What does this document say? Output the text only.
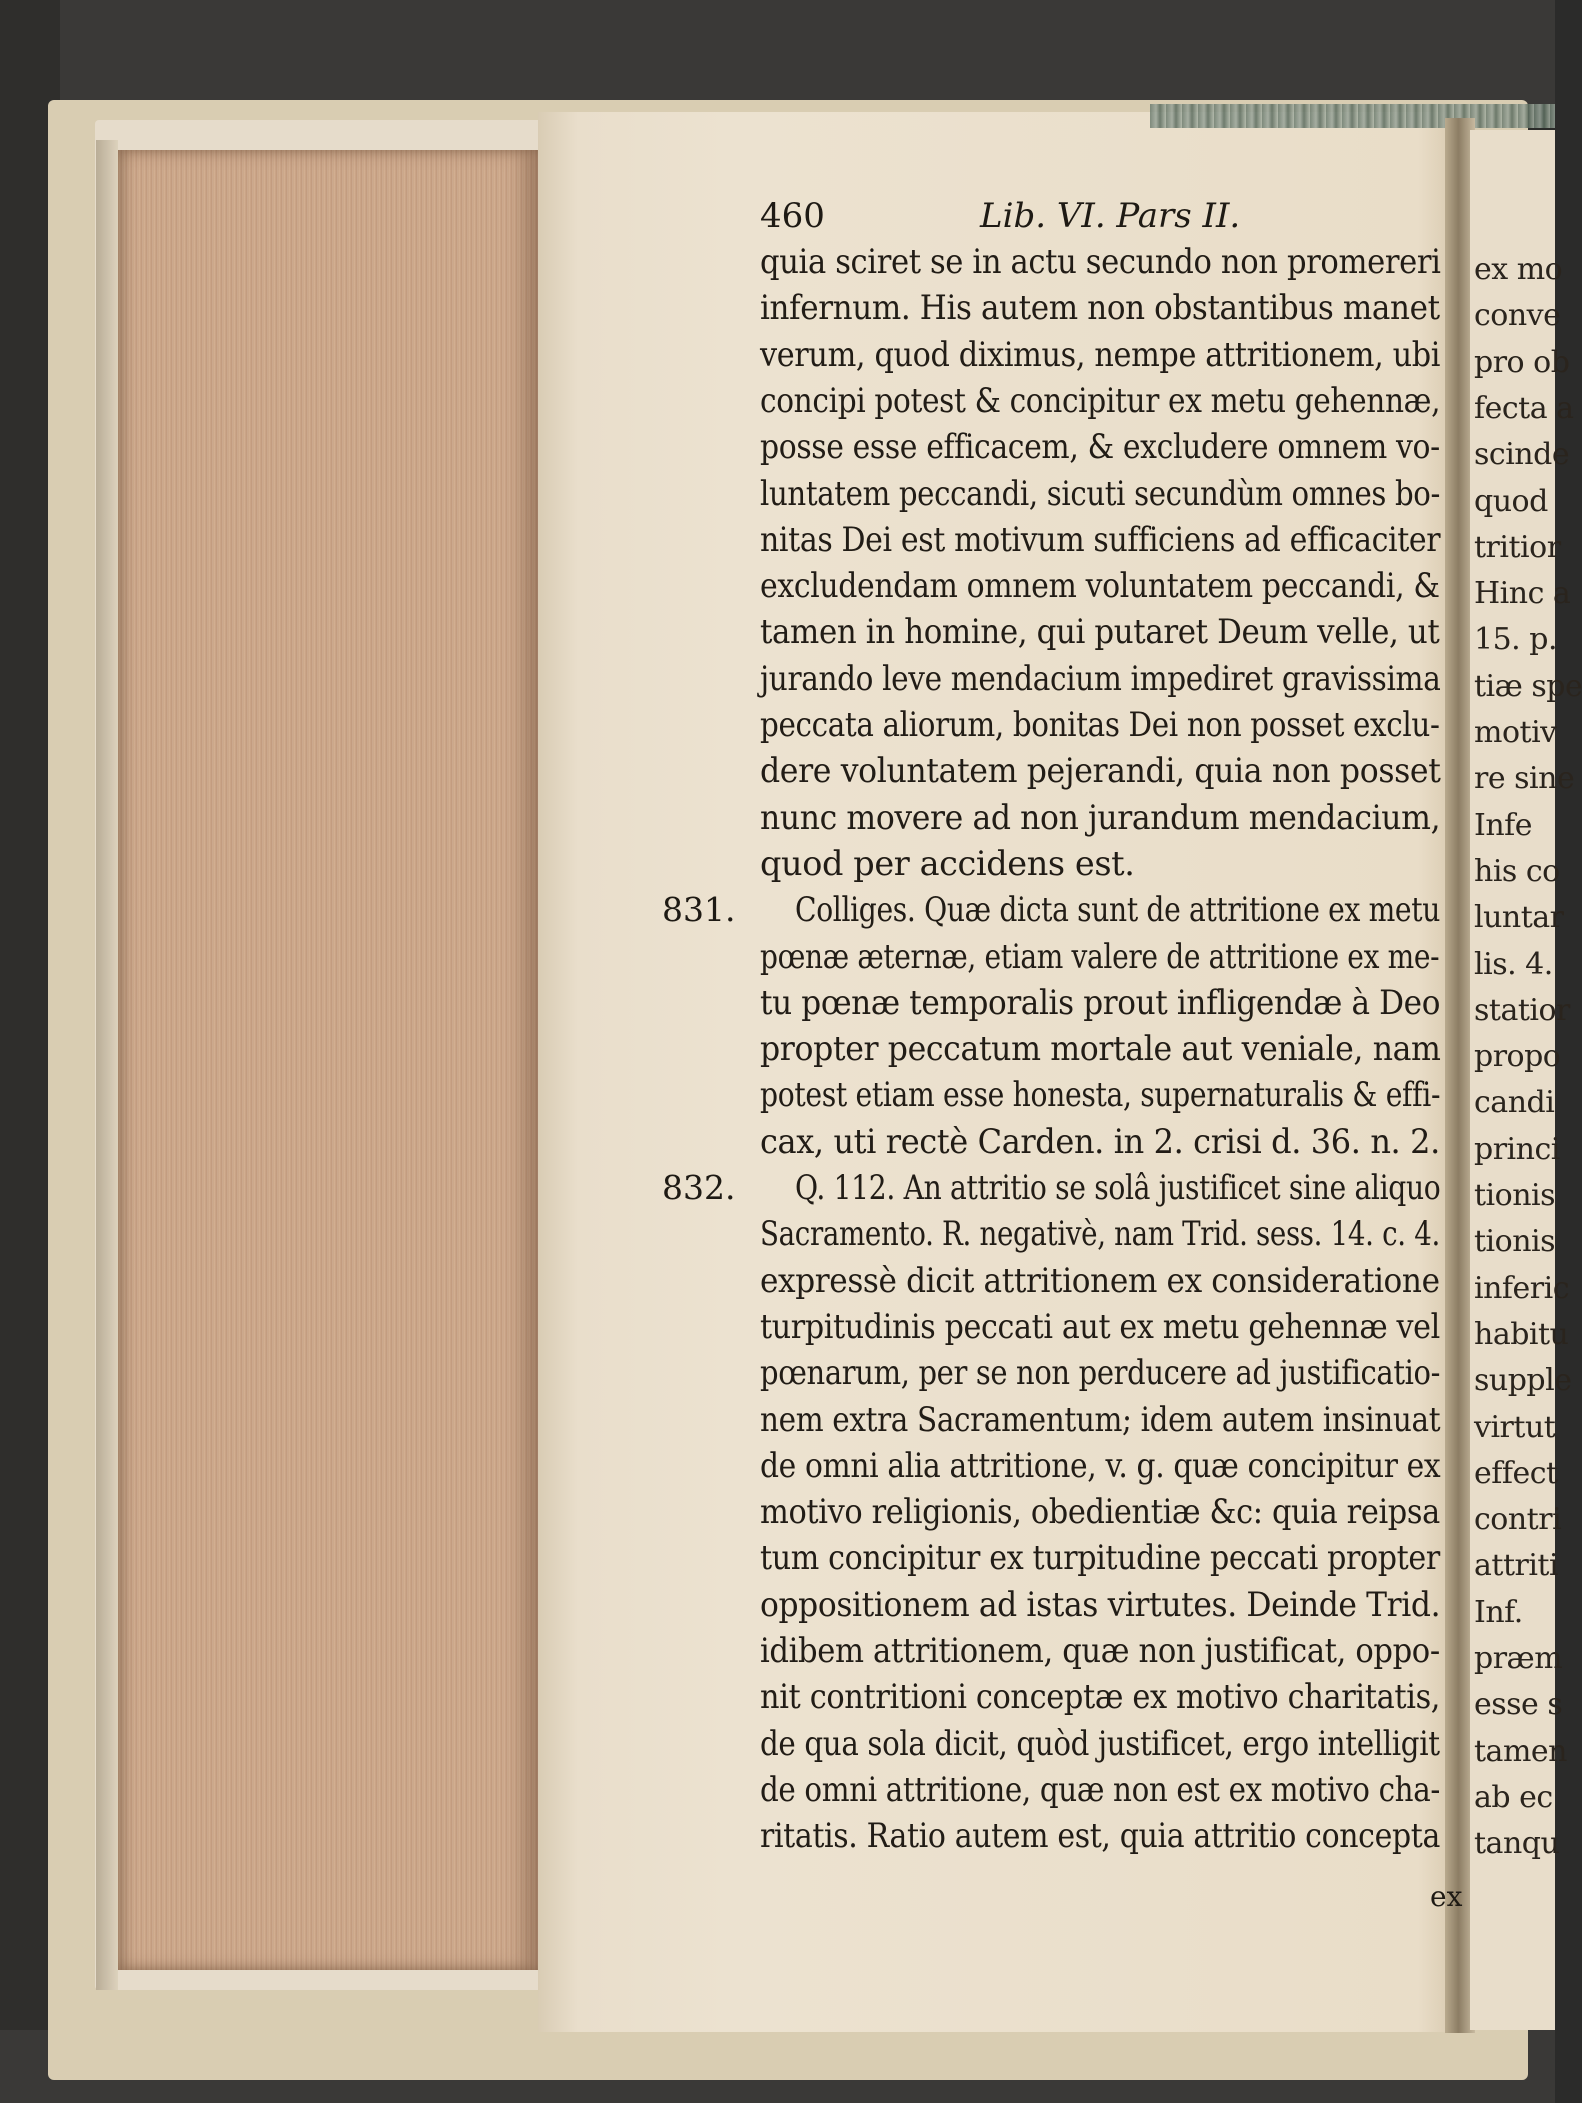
ex mo
conve
pro ob
fecta a
scinde
quod
tritior
Hinc a
15. p.
tiæ spe
motiv
re sine
Infe
his co
luntar
lis. 4.
statior
propo
candi
princi
tionis
tionis
inferic
habitu
supple
virtut
effect
contri
attriti
Inf.
præm
esse s
tamen
ab ec
tanqu
460	Lib. VI. Pars II.
quia sciret se in actu secundo non promereri
infernum. His autem non obstantibus manet
verum, quod diximus, nempe attritionem, ubi
concipi potest & concipitur ex metu gehennæ,
posse esse efficacem, & excludere omnem vo-
luntatem peccandi, sicuti secundùm omnes bo-
nitas Dei est motivum sufficiens ad efficaciter
excludendam omnem voluntatem peccandi, &
tamen in homine, qui putaret Deum velle, ut
jurando leve mendacium impediret gravissima
peccata aliorum, bonitas Dei non posset exclu-
dere voluntatem pejerandi, quia non posset
nunc movere ad non jurandum mendacium,
quod per accidens est.
Colliges. Quæ dicta sunt de attritione ex metu
pœnæ æternæ, etiam valere de attritione ex me-
tu pœnæ temporalis prout infligendæ à Deo
propter peccatum mortale aut veniale, nam
potest etiam esse honesta, supernaturalis & effi-
cax, uti rectè Carden. in 2. crisi d. 36. n. 2.
Q. 112. An attritio se solâ justificet sine aliquo
Sacramento. R. negativè, nam Trid. sess. 14. c. 4.
expressè dicit attritionem ex consideratione
turpitudinis peccati aut ex metu gehennæ vel
pœnarum, per se non perducere ad justificatio-
nem extra Sacramentum; idem autem insinuat
de omni alia attritione, v. g. quæ concipitur ex
motivo religionis, obedientiæ &c: quia reipsa
tum concipitur ex turpitudine peccati propter
oppositionem ad istas virtutes. Deinde Trid.
idibem attritionem, quæ non justificat, oppo-
nit contritioni conceptæ ex motivo charitatis,
de qua sola dicit, quòd justificet, ergo intelligit
de omni attritione, quæ non est ex motivo cha-
ritatis. Ratio autem est, quia attritio concepta
831.
832.
ex
